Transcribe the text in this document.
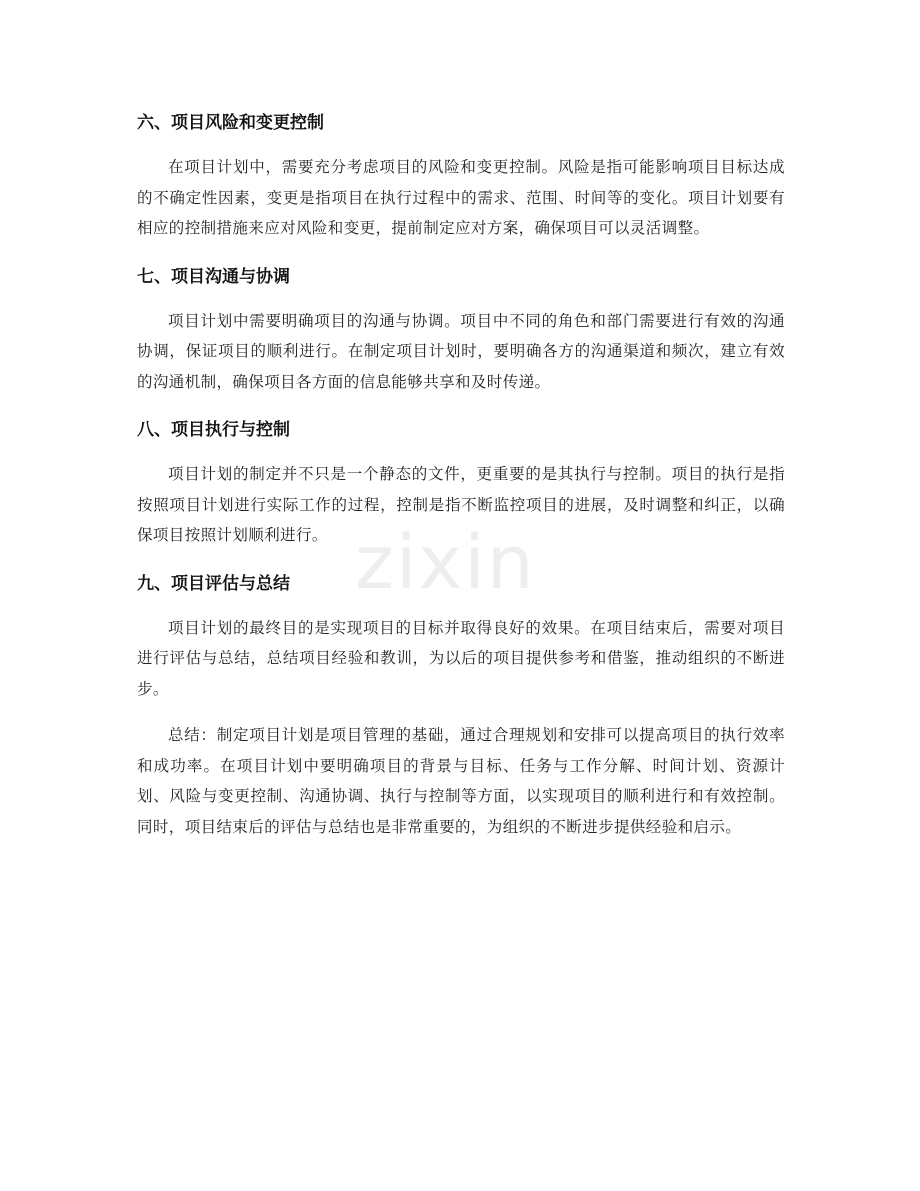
zixin
六、项目风险和变更控制

在项目计划中，需要充分考虑项目的风险和变更控制。风险是指可能影响项目目标达成的不确定性因素，变更是指项目在执行过程中的需求、范围、时间等的变化。项目计划要有相应的控制措施来应对风险和变更，提前制定应对方案，确保项目可以灵活调整。

七、项目沟通与协调

项目计划中需要明确项目的沟通与协调。项目中不同的角色和部门需要进行有效的沟通协调，保证项目的顺利进行。在制定项目计划时，要明确各方的沟通渠道和频次，建立有效的沟通机制，确保项目各方面的信息能够共享和及时传递。

八、项目执行与控制

项目计划的制定并不只是一个静态的文件，更重要的是其执行与控制。项目的执行是指按照项目计划进行实际工作的过程，控制是指不断监控项目的进展，及时调整和纠正，以确保项目按照计划顺利进行。

九、项目评估与总结

项目计划的最终目的是实现项目的目标并取得良好的效果。在项目结束后，需要对项目进行评估与总结，总结项目经验和教训，为以后的项目提供参考和借鉴，推动组织的不断进步。

总结：制定项目计划是项目管理的基础，通过合理规划和安排可以提高项目的执行效率和成功率。在项目计划中要明确项目的背景与目标、任务与工作分解、时间计划、资源计划、风险与变更控制、沟通协调、执行与控制等方面，以实现项目的顺利进行和有效控制。同时，项目结束后的评估与总结也是非常重要的，为组织的不断进步提供经验和启示。
